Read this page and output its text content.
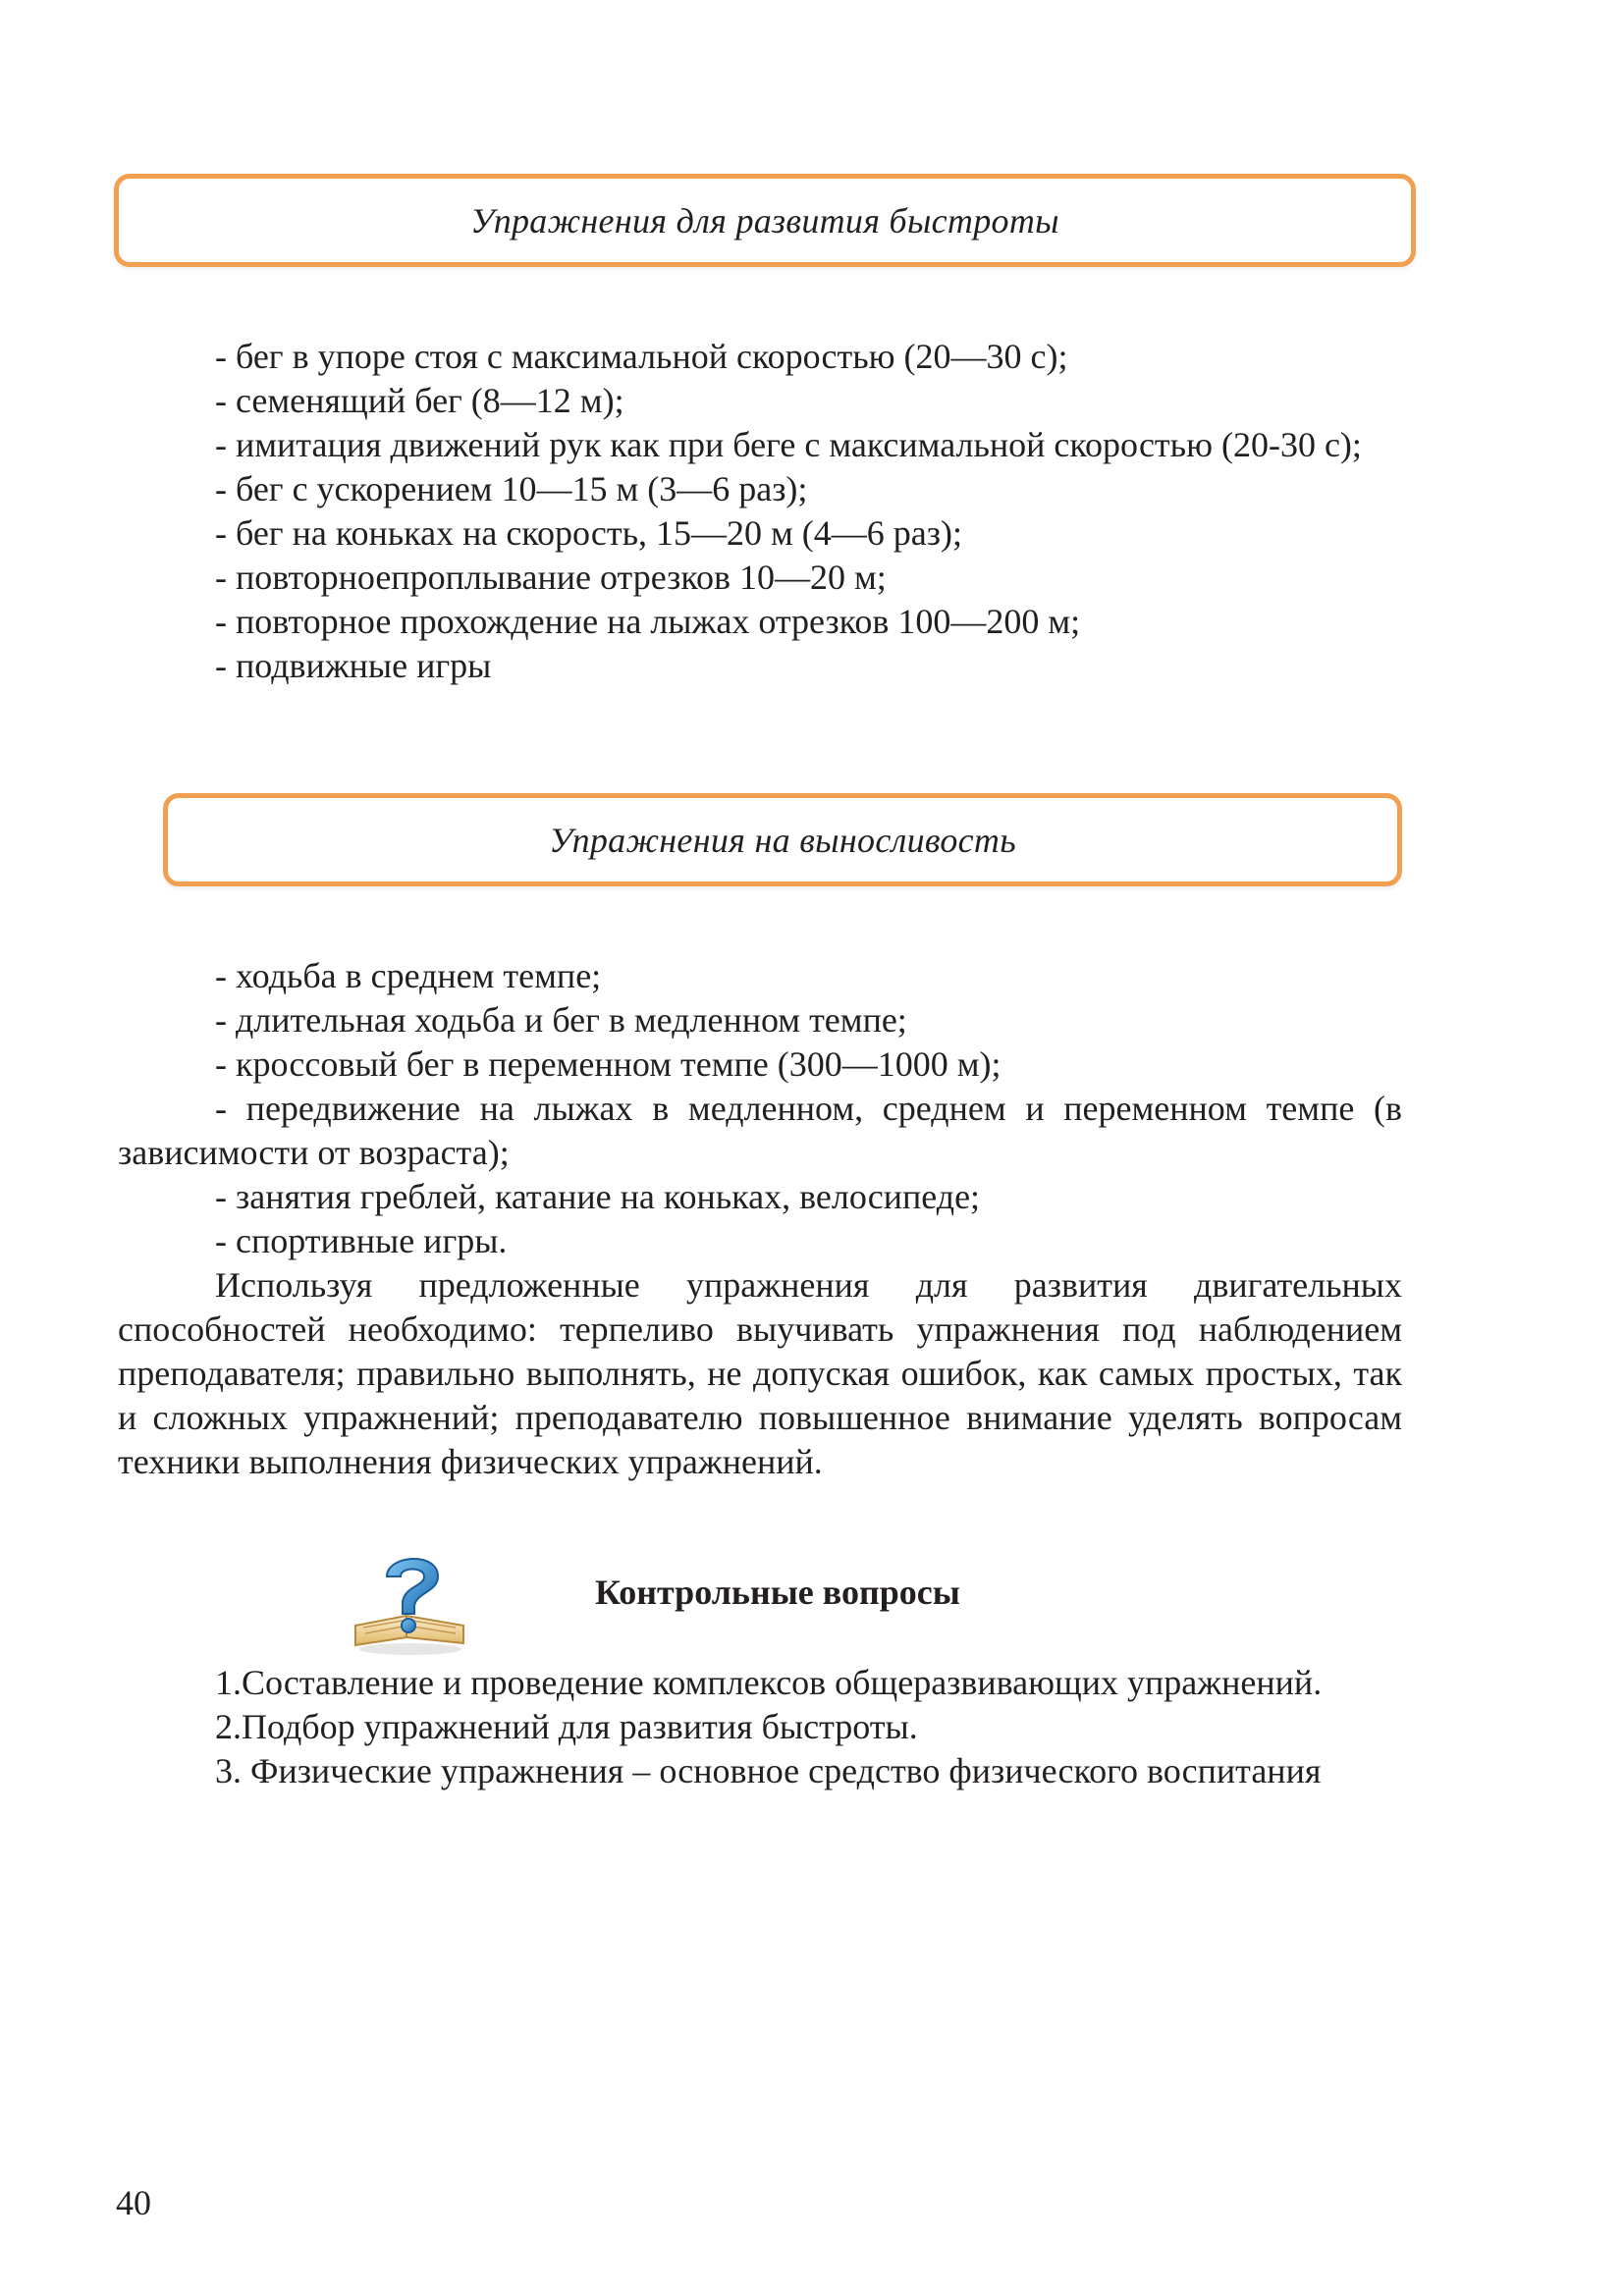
Упражнения для развития быстроты

- бег в упоре стоя с максимальной скоростью (20—30 с);

- семенящий бег (8—12 м);

- имитация движений рук как при беге с максимальной скоростью (20-30 с);

- бег с ускорением 10—15 м (3—6 раз);

- бег на коньках на скорость, 15—20 м (4—6 раз);

- повторноепроплывание отрезков 10—20 м;

- повторное прохождение на лыжах отрезков 100—200 м;

- подвижные игры

Упражнения на выносливость

- ходьба в среднем темпе;

- длительная ходьба и бег в медленном темпе;

- кроссовый бег в переменном темпе (300—1000 м);

- передвижение на лыжах в медленном, среднем и переменном темпе (в зависимости от возраста);

- занятия греблей, катание на коньках, велосипеде;

- спортивные игры.

Используя предложенные упражнения для развития двигательных способностей необходимо: терпеливо выучивать упражнения под наблюдением преподавателя; правильно выполнять, не допуская ошибок, как самых простых, так и сложных упражнений; преподавателю повышенное внимание уделять вопросам техники выполнения физических упражнений.

Контрольные вопросы

1.Составление и проведение комплексов общеразвивающих упражнений.

2.Подбор упражнений для развития быстроты.

3. Физические упражнения – основное средство физического воспитания

40
